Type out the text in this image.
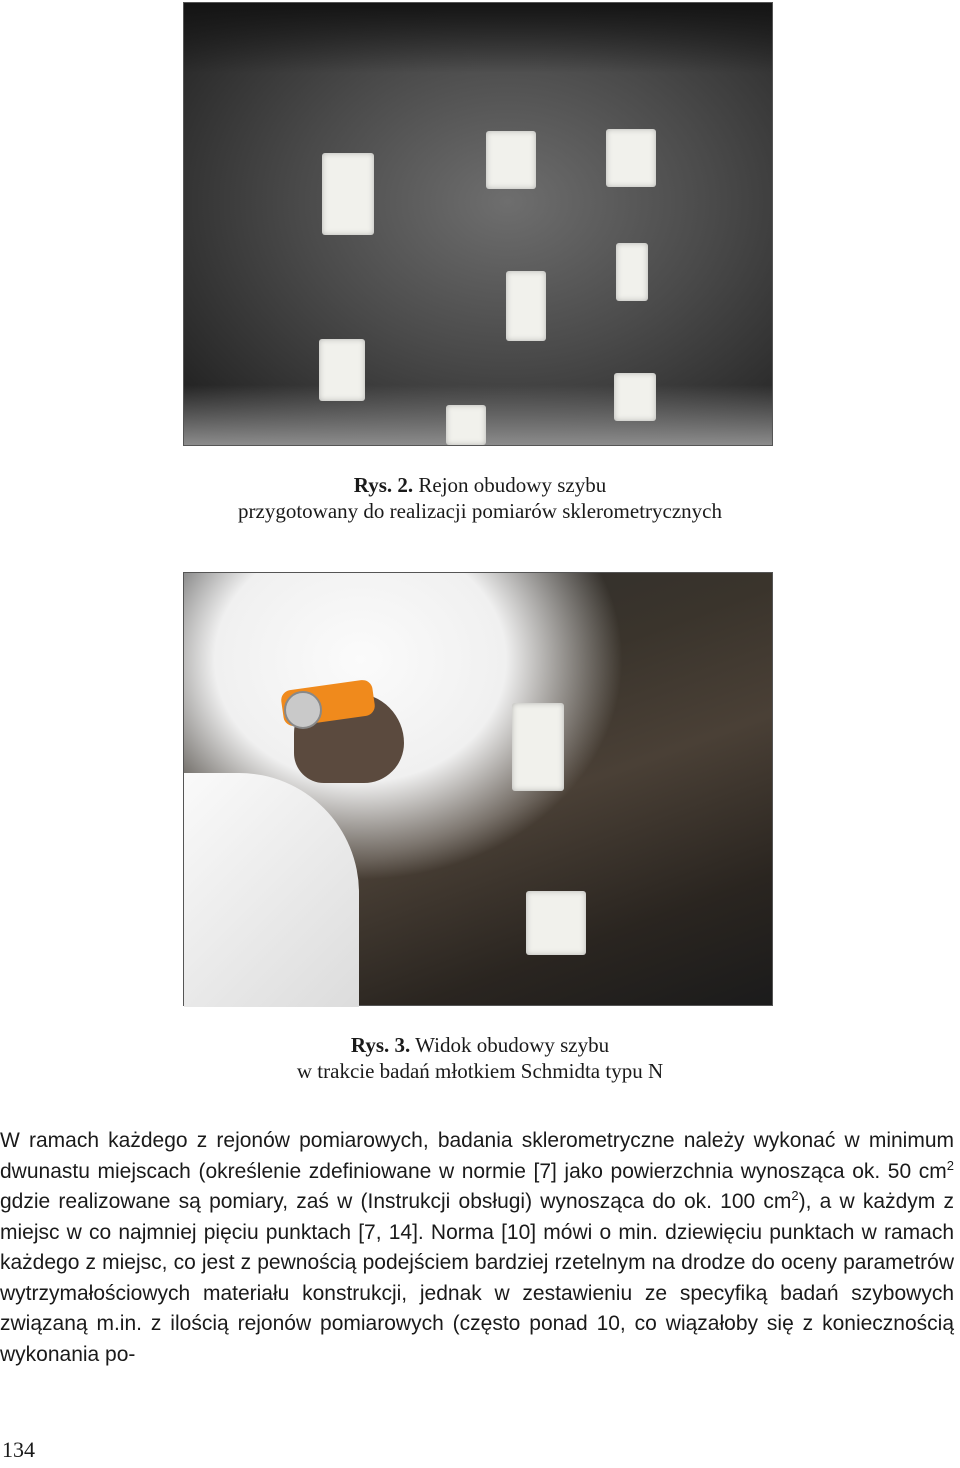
Rys. 2. Rejon obudowy szybu
przygotowany do realizacji pomiarów sklerometrycznych
Rys. 3. Widok obudowy szybu
w trakcie badań młotkiem Schmidta typu N
W ramach każdego z rejonów pomiarowych, badania sklerometryczne należy wykonać w minimum dwunastu miejscach (określenie zdefiniowane w normie [7] jako powierzchnia wynosząca ok. 50 $cm^2$ gdzie realizowane są pomiary, zaś w (Instrukcji obsługi) wynosząca do ok. 100 $cm^2$), a w każdym z miejsc w co najmniej pięciu punktach [7, 14]. Norma [10] mówi o min. dziewięciu punktach w ramach każdego z miejsc, co jest z pewnością podejściem bardziej rzetelnym na drodze do oceny parametrów wytrzymałościowych materiału konstrukcji, jednak w zestawieniu ze specyfiką badań szybowych związaną m.in. z ilością rejonów pomiarowych (często ponad 10, co wiązałoby się z koniecznością wykonania po-
134
